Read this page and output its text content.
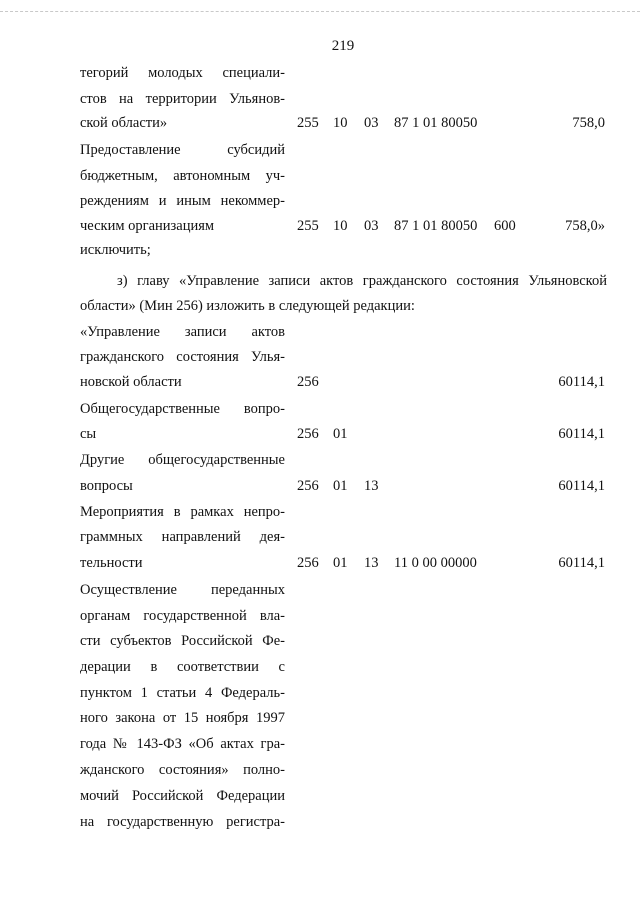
219
тегорий молодых специали-
стов на территории Ульянов-
ской области»	255 10 03 87 1 01 80050	758,0
Предоставление субсидий
бюджетным, автономным уч-
реждениям и иным некоммер-
ческим организациям	255 10 03 87 1 01 80050 600	758,0»
исключить;
з) главу «Управление записи актов гражданского состояния Ульяновской
области» (Мин 256) изложить в следующей редакции:
«Управление записи актов
гражданского состояния Улья-
новской области	256	60114,1
Общегосударственные вопро-
сы	256 01	60114,1
Другие общегосударственные
вопросы	256 01 13	60114,1
Мероприятия в рамках непро-
граммных направлений дея-
тельности	256 01 13 11 0 00 00000	60114,1
Осуществление переданных
органам государственной вла-
сти субъектов Российской Фе-
дерации в соответствии с
пунктом 1 статьи 4 Федераль-
ного закона от 15 ноября 1997
года № 143-ФЗ «Об актах гра-
жданского состояния» полно-
мочий Российской Федерации
на государственную регистра-
